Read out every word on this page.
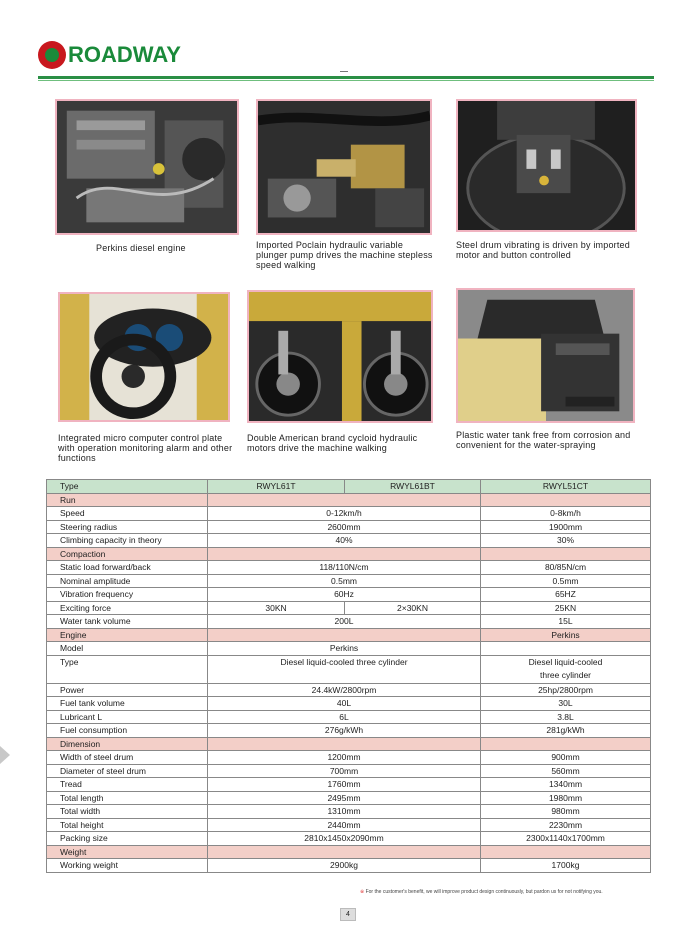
ROADWAY
Perkins diesel engine	Imported Poclain hydraulic variable plunger pump drives the machine stepless speed walking
Steel drum vibrating is driven by imported motor and button controlled
Integrated micro computer control plate with operation monitoring alarm and other functions
Double American brand cycloid hydraulic motors drive the machine walking
Plastic water tank free from corrosion and convenient for the water-spraying
Type	RWYL61T	RWYL61BT	RWYL51CT
Run			
Speed	0-12km/h		0-8km/h
Steering radius	2600mm		1900mm
Climbing capacity in theory	40%		30%
Compaction			
Static load forward/back	118/110N/cm		80/85N/cm
Nominal amplitude	0.5mm		0.5mm
Vibration frequency	60Hz		65HZ
Exciting force	30KN	2×30KN	25KN
Water tank volume	200L		15L
Engine			Perkins
Model	Perkins		
Type	Diesel liquid-cooled three cylinder		Diesel liquid-cooled
three cylinder

Power	24.4kW/2800rpm		25hp/2800rpm
Fuel tank volume	40L		30L
Lubricant L	6L		3.8L
Fuel consumption	276g/kWh		281g/kWh
Dimension			
Width of steel drum	1200mm		900mm
Diameter of steel drum	700mm		560mm
Tread	1760mm		1340mm
Total length	2495mm		1980mm
Total width	1310mm		980mm
Total height	2440mm		2230mm
Packing size	2810x1450x2090mm		2300x1140x1700mm
Weight			
Working weight	2900kg		1700kg
※ For the customer's benefit, we will improve product design continuously, but pardon us for not notifying you.
4
